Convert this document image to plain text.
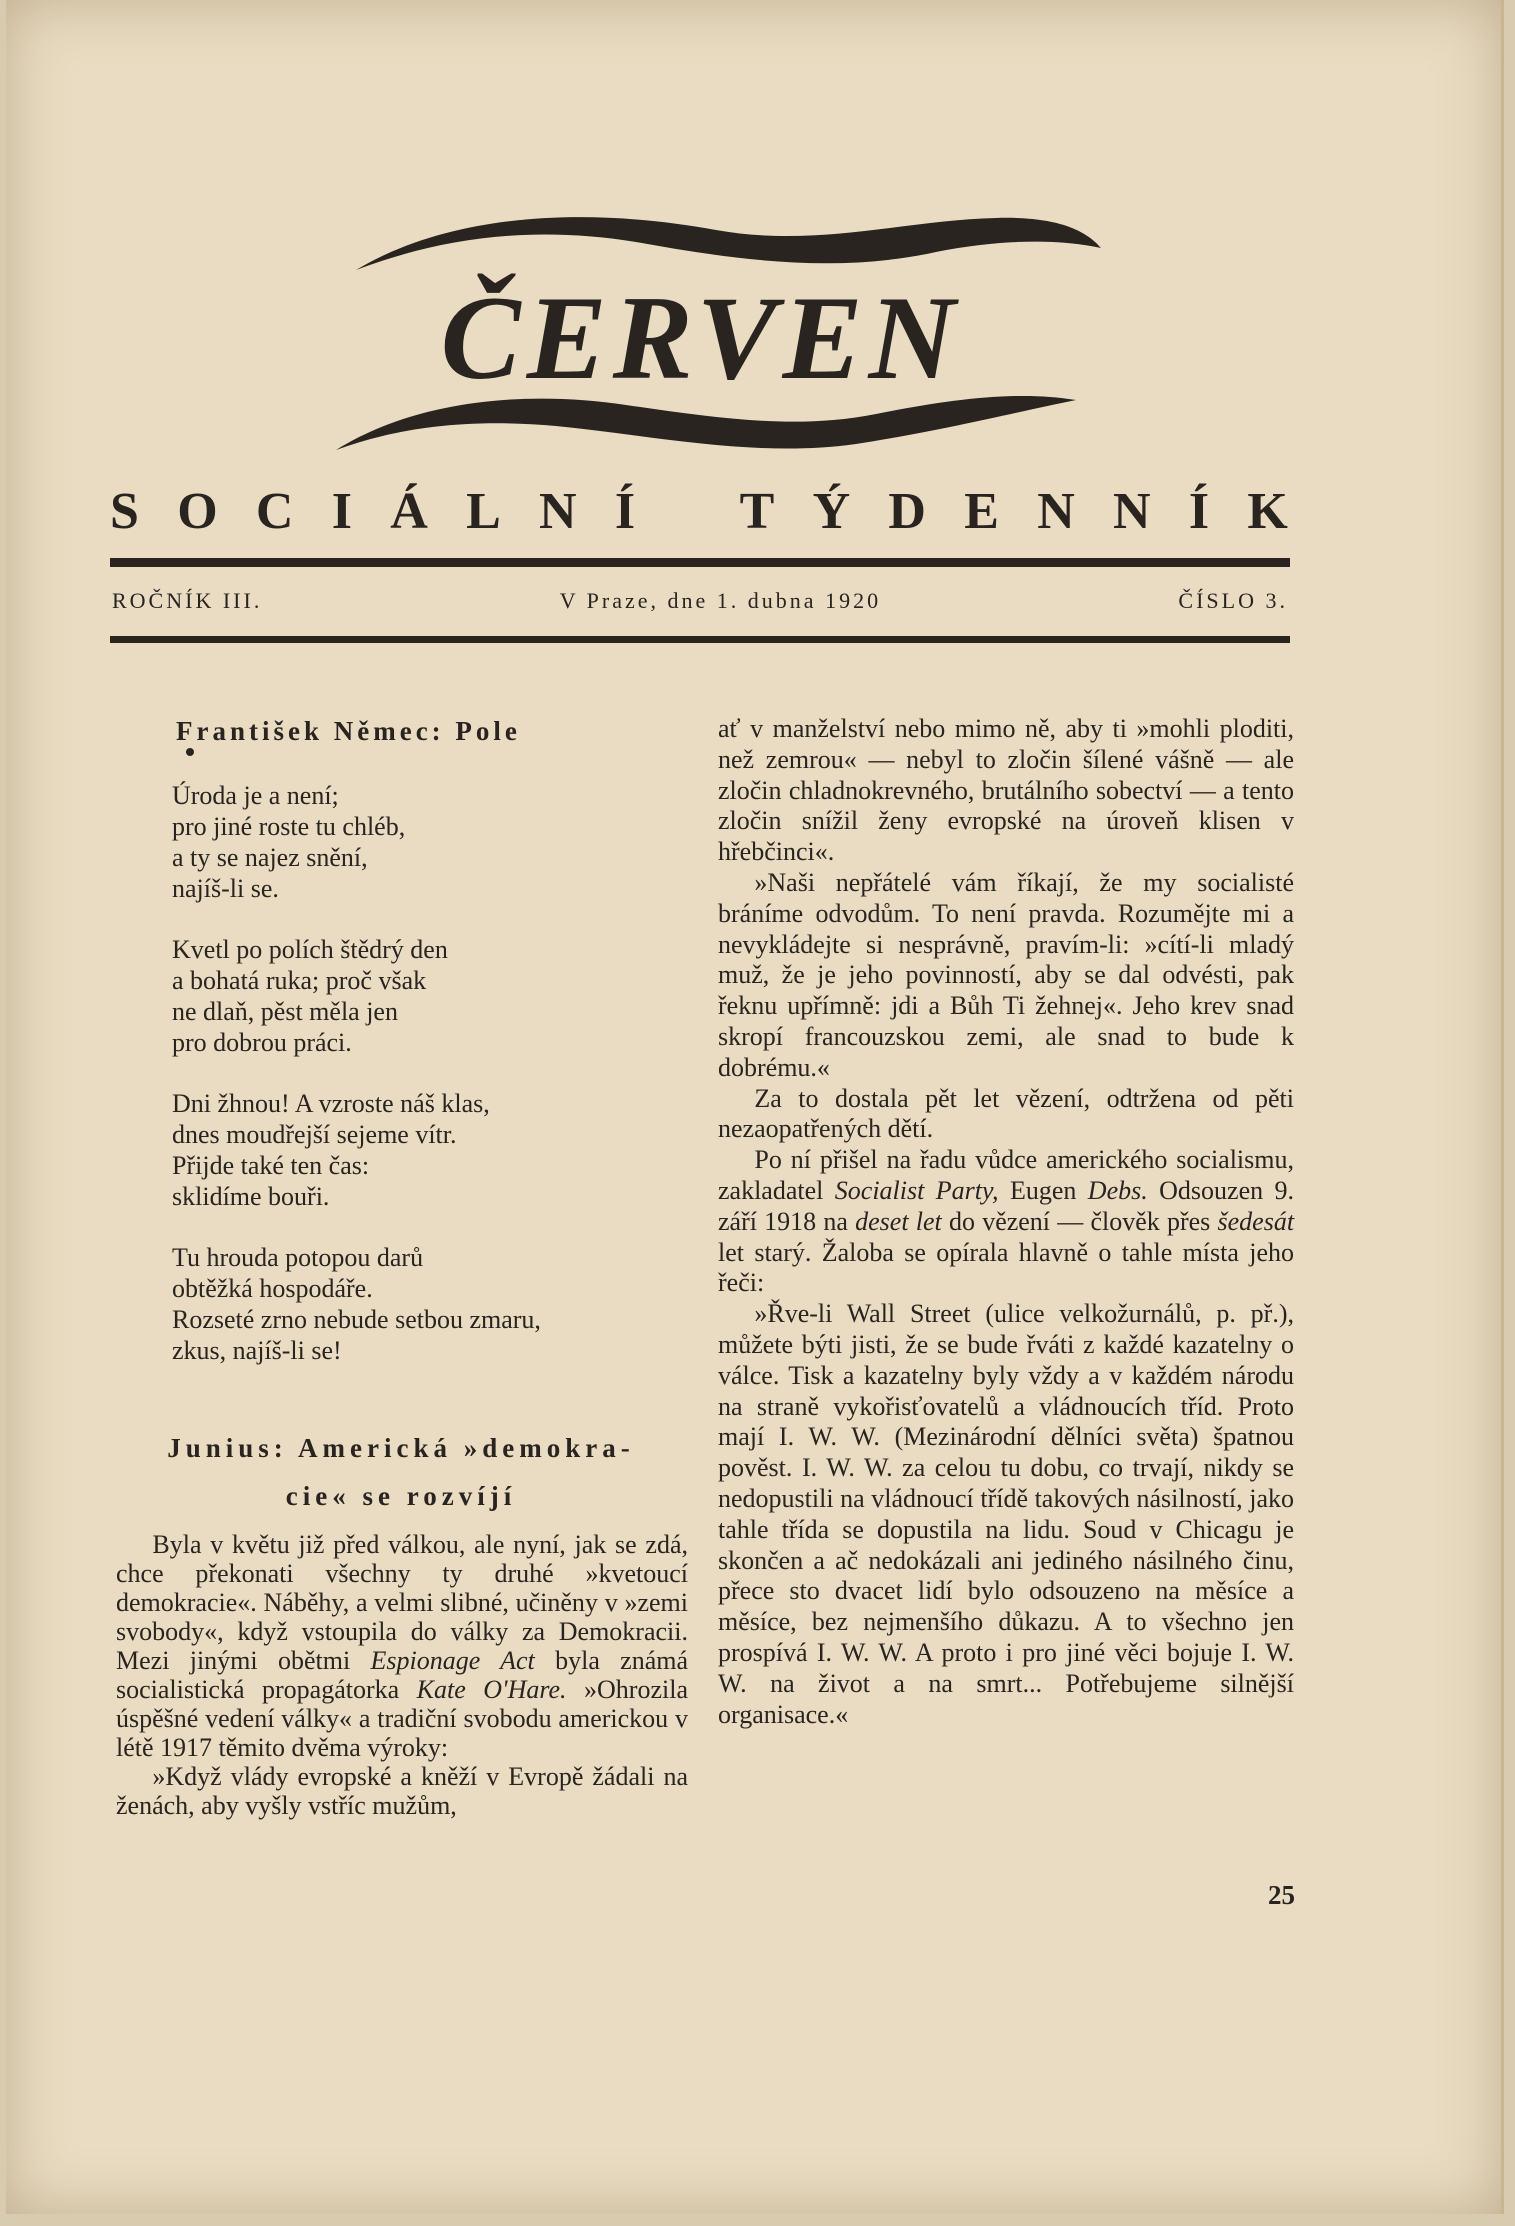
ČERVEN
S O C I Á L N Í T Ý D E N N Í K
ROČNÍK III.	V Praze, dne 1. dubna 1920	ČÍSLO 3.
František Němec: Pole
Úroda je a není;
pro jiné roste tu chléb,
a ty se najez snění,
najíš-li se.
Kvetl po polích štědrý den
a bohatá ruka; proč však
ne dlaň, pěst měla jen
pro dobrou práci.
Dni žhnou! A vzroste náš klas,
dnes moudřejší sejeme vítr.
Přijde také ten čas:
sklidíme bouři.
Tu hrouda potopou darů
obtěžká hospodáře.
Rozseté zrno nebude setbou zmaru,
zkus, najíš-li se!
Junius: Americká »demokra-
cie« se rozvíjí

Byla v květu již před válkou, ale nyní, jak se zdá, chce překonati všechny ty druhé »kvetoucí demokracie«. Náběhy, a velmi slibné, učiněny v »zemi svobody«, když vstoupila do války za Demokracii. Mezi jinými obětmi Espionage Act byla známá socialistická propagátorka Kate O'Hare. »Ohrozila úspěšné vedení války« a tradiční svobodu americkou v létě 1917 těmito dvěma výroky:

»Když vlády evropské a kněží v Evropě žádali na ženách, aby vyšly vstříc mužům,

ať v manželství nebo mimo ně, aby ti »mohli ploditi, než zemrou« — nebyl to zločin šílené vášně — ale zločin chladnokrevného, brutálního sobectví — a tento zločin snížil ženy evropské na úroveň klisen v hřebčinci«.

»Naši nepřátelé vám říkají, že my socialisté bráníme odvodům. To není pravda. Rozumějte mi a nevykládejte si nesprávně, pravím-li: »cítí-li mladý muž, že je jeho povinností, aby se dal odvésti, pak řeknu upřímně: jdi a Bůh Ti žehnej«. Jeho krev snad skropí francouzskou zemi, ale snad to bude k dobrému.«

Za to dostala pět let vězení, odtržena od pěti nezaopatřených dětí.

Po ní přišel na řadu vůdce amerického socialismu, zakladatel Socialist Party, Eugen Debs. Odsouzen 9. září 1918 na deset let do vězení — člověk přes šedesát let starý. Žaloba se opírala hlavně o tahle místa jeho řeči:

»Řve-li Wall Street (ulice velkožurnálů, p. př.), můžete býti jisti, že se bude řváti z každé kazatelny o válce. Tisk a kazatelny byly vždy a v každém národu na straně vykořisťovatelů a vládnoucích tříd. Proto mají I. W. W. (Mezinárodní dělníci světa) špatnou pověst. I. W. W. za celou tu dobu, co trvají, nikdy se nedopustili na vládnoucí třídě takových násilností, jako tahle třída se dopustila na lidu. Soud v Chicagu je skončen a ač nedokázali ani jediného násilného činu, přece sto dvacet lidí bylo odsouzeno na měsíce a měsíce, bez nejmenšího důkazu. A to všechno jen prospívá I. W. W. A proto i pro jiné věci bojuje I. W. W. na život a na smrt... Potřebujeme silnější organisace.«

25
